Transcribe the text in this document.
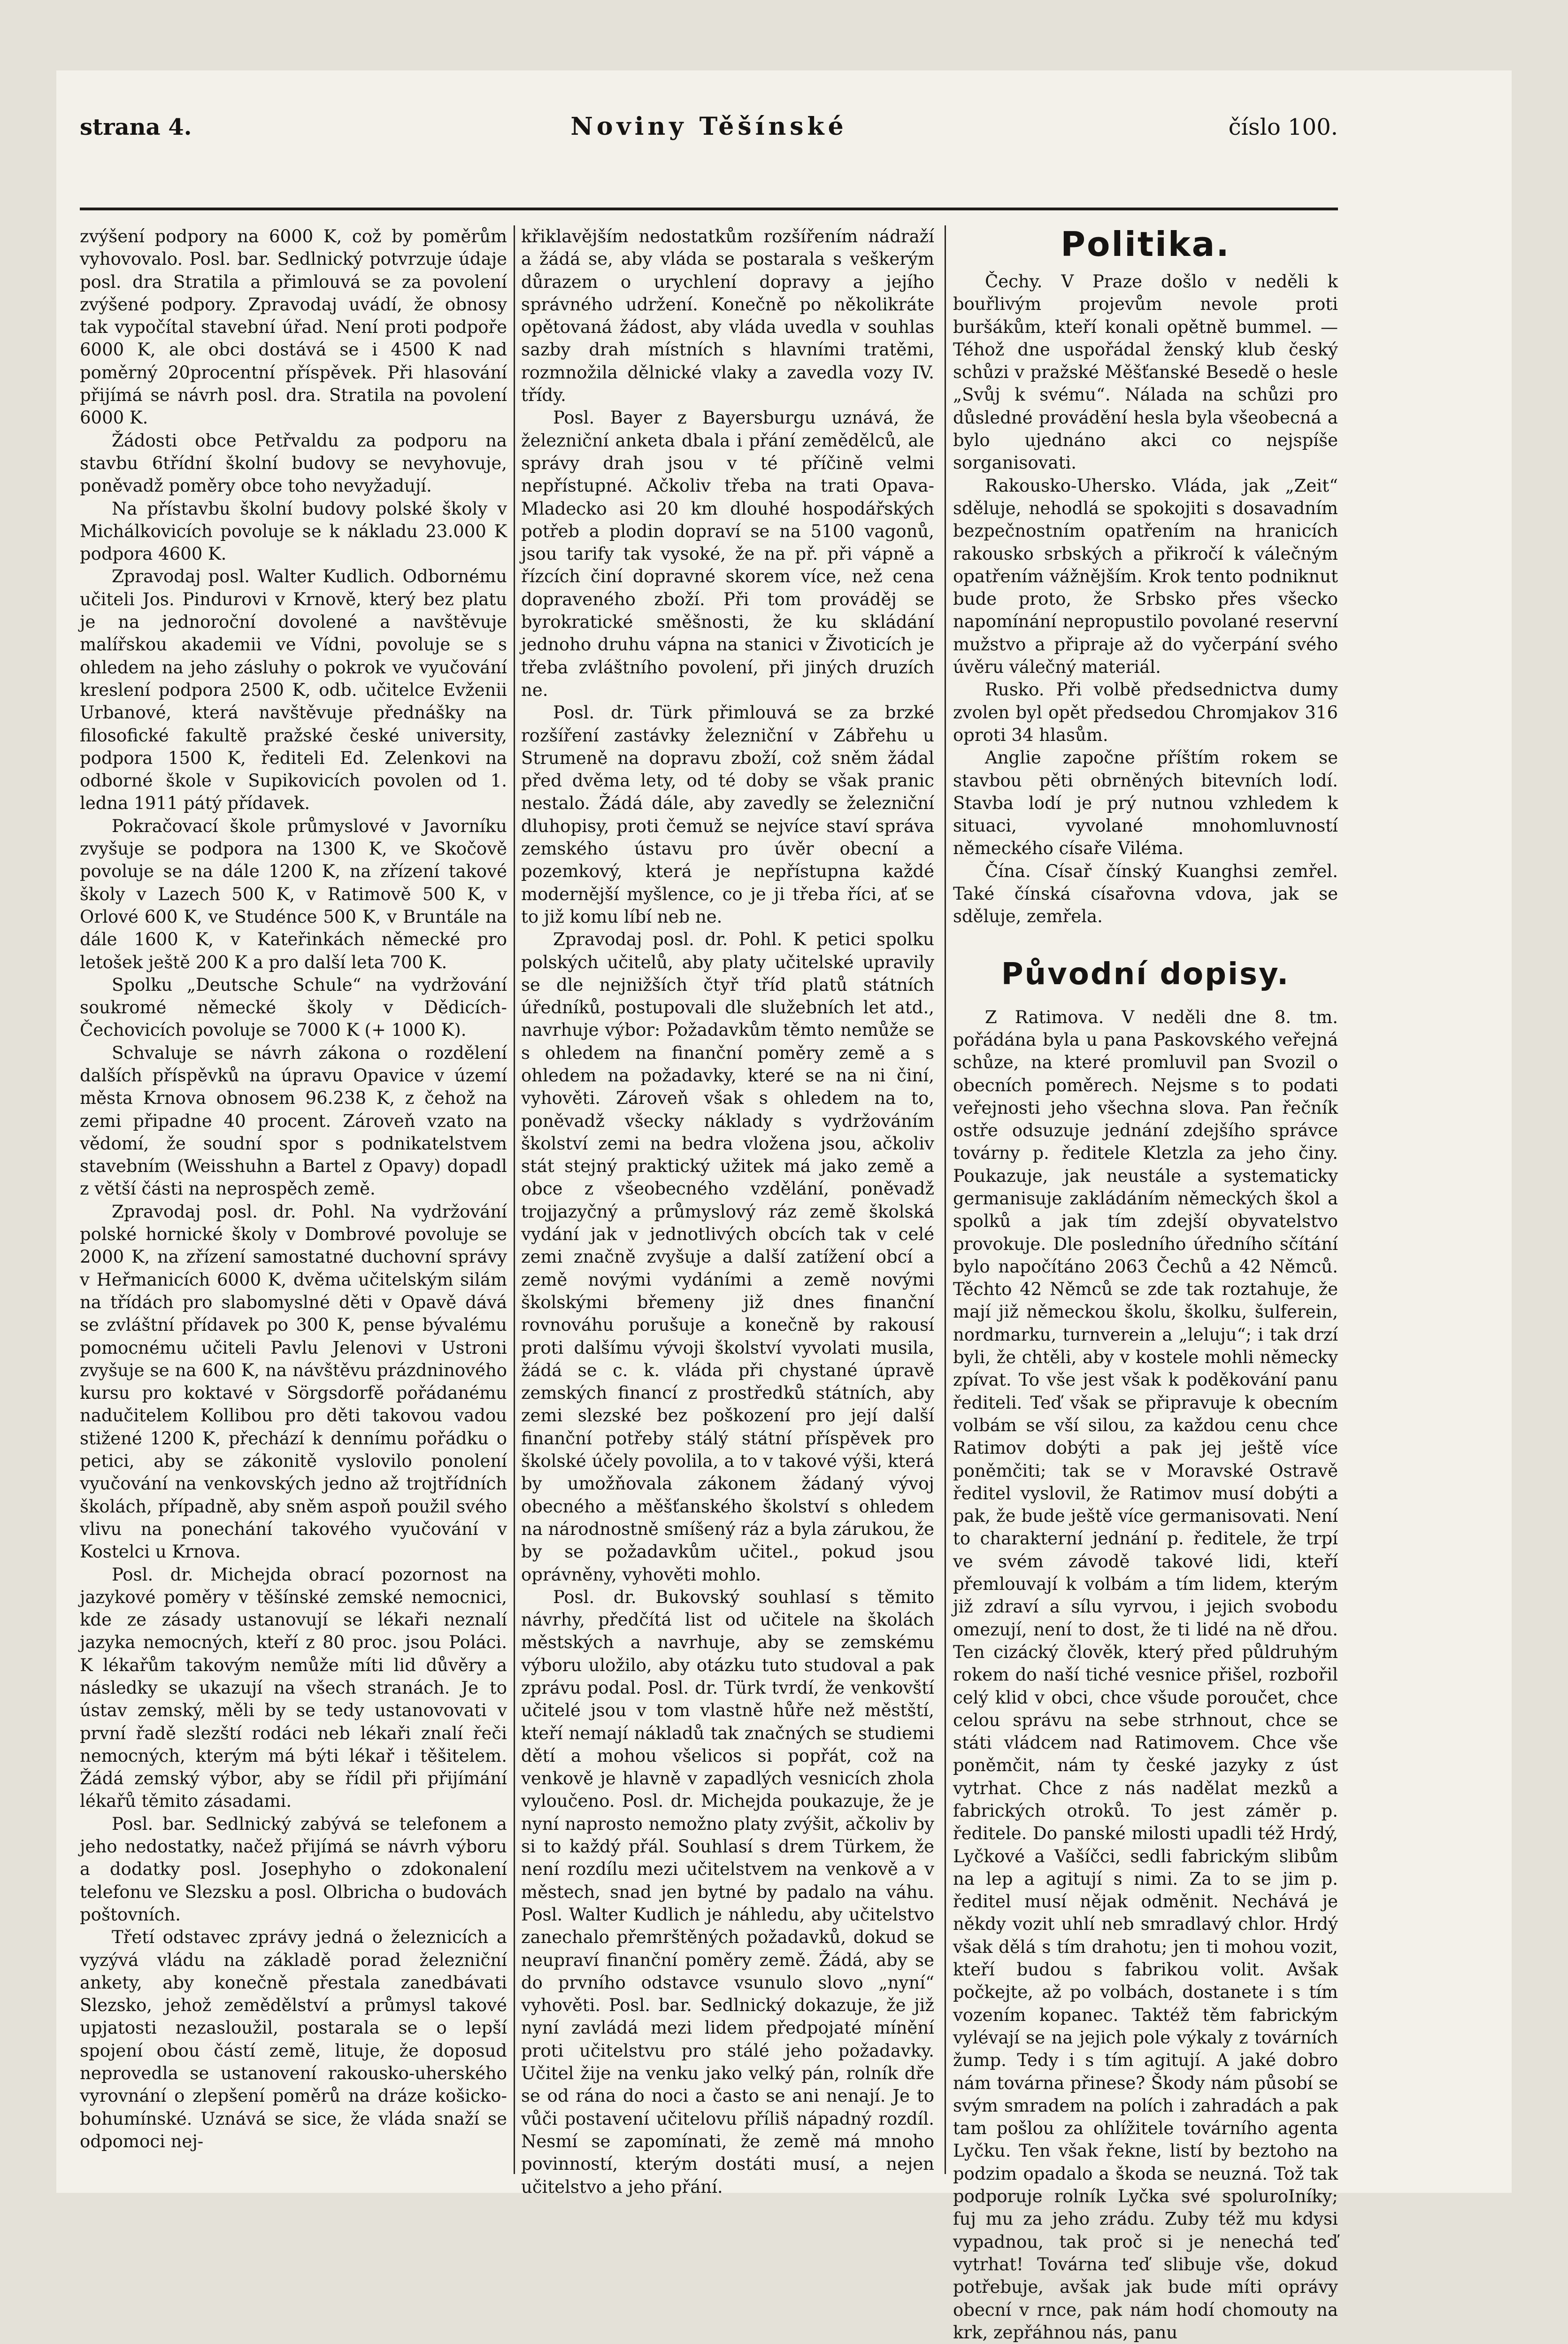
strana 4.	Noviny Těšínské	číslo 100.

zvýšení podpory na 6000 K, což by poměrům vyhovovalo. Posl. bar. Sedlnický potvrzuje údaje posl. dra Stratila a přimlouvá se za povolení zvýšené podpory. Zpravodaj uvádí, že obnosy tak vypočítal stavební úřad. Není proti podpoře 6000 K, ale obci dostává se i 4500 K nad poměrný 20procentní příspěvek. Při hlasování přijímá se návrh posl. dra. Stratila na povolení 6000 K.

Žádosti obce Petřvaldu za podporu na stavbu 6třídní školní budovy se nevyhovuje, poněvadž poměry obce toho nevyžadují.

Na přístavbu školní budovy polské školy v Michálkovicích povoluje se k nákladu 23.000 K podpora 4600 K.

Zpravodaj posl. Walter Kudlich. Odbornému učiteli Jos. Pindurovi v Krnově, který bez platu je na jednoroční dovolené a navštěvuje malířskou akademii ve Vídni, povoluje se s ohledem na jeho zásluhy o pokrok ve vyučování kreslení podpora 2500 K, odb. učitelce Evženii Urbanové, která navštěvuje přednášky na filosofické fakultě pražské české university, podpora 1500 K, řediteli Ed. Zelenkovi na odborné škole v Supikovicích povolen od 1. ledna 1911 pátý přídavek.

Pokračovací škole průmyslové v Javorníku zvyšuje se podpora na 1300 K, ve Skočově povoluje se na dále 1200 K, na zřízení takové školy v Lazech 500 K, v Ratimově 500 K, v Orlové 600 K, ve Studénce 500 K, v Bruntále na dále 1600 K, v Kateřinkách německé pro letošek ještě 200 K a pro další leta 700 K.

Spolku „Deutsche Schule“ na vydržování soukromé německé školy v Dědicích-Čechovicích povoluje se 7000 K (+ 1000 K).

Schvaluje se návrh zákona o rozdělení dalších příspěvků na úpravu Opavice v území města Krnova obnosem 96.238 K, z čehož na zemi připadne 40 procent. Zároveň vzato na vědomí, že soudní spor s podnikatelstvem stavebním (Weisshuhn a Bartel z Opavy) dopadl z větší části na neprospěch země.

Zpravodaj posl. dr. Pohl. Na vydržování polské hornické školy v Dombrové povoluje se 2000 K, na zřízení samostatné duchovní správy v Heřmanicích 6000 K, dvěma učitelským silám na třídách pro slabomyslné děti v Opavě dává se zvláštní přídavek po 300 K, pense bývalému pomocnému učiteli Pavlu Jelenovi v Ustroni zvyšuje se na 600 K, na návštěvu prázdninového kursu pro koktavé v Sörgsdorfě pořádanému nadučitelem Kollibou pro děti takovou vadou stižené 1200 K, přechází k dennímu pořádku o petici, aby se zákonitě vyslovilo ponolení vyučování na venkovských jedno až trojtřídních školách, případně, aby sněm aspoň použil svého vlivu na ponechání takového vyučování v Kostelci u Krnova.

Posl. dr. Michejda obrací pozornost na jazykové poměry v těšínské zemské nemocnici, kde ze zásady ustanovují se lékaři neznalí jazyka nemocných, kteří z 80 proc. jsou Poláci. K lékařům takovým nemůže míti lid důvěry a následky se ukazují na všech stranách. Je to ústav zemský, měli by se tedy ustanovovati v první řadě slezští rodáci neb lékaři znalí řeči nemocných, kterým má býti lékař i těšitelem. Žádá zemský výbor, aby se řídil při přijímání lékařů těmito zásadami.

Posl. bar. Sedlnický zabývá se telefonem a jeho nedostatky, načež přijímá se návrh výboru a dodatky posl. Josephyho o zdokonalení telefonu ve Slezsku a posl. Olbricha o budovách poštovních.

Třetí odstavec zprávy jedná o železnicích a vyzývá vládu na základě porad železniční ankety, aby konečně přestala zanedbávati Slezsko, jehož zemědělství a průmysl takové upjatosti nezasloužil, postarala se o lepší spojení obou částí země, lituje, že doposud neprovedla se ustanovení rakousko-uherského vyrovnání o zlepšení poměrů na dráze košicko-bohumínské. Uznává se sice, že vláda snaží se odpomoci nej-

křiklavějším nedostatkům rozšířením nádraží a žádá se, aby vláda se postarala s veškerým důrazem o urychlení dopravy a jejího správného udržení. Konečně po několikráte opětovaná žádost, aby vláda uvedla v souhlas sazby drah místních s hlavními tratěmi, rozmnožila dělnické vlaky a zavedla vozy IV. třídy.

Posl. Bayer z Bayersburgu uznává, že železniční anketa dbala i přání zemědělců, ale správy drah jsou v té příčině velmi nepřístupné. Ačkoliv třeba na trati Opava-Mladecko asi 20 km dlouhé hospodářských potřeb a plodin dopraví se na 5100 vagonů, jsou tarify tak vysoké, že na př. při vápně a řízcích činí dopravné skorem více, než cena dopraveného zboží. Při tom prováděj se byrokratické směšnosti, že ku skládání jednoho druhu vápna na stanici v Životicích je třeba zvláštního povolení, při jiných druzích ne.

Posl. dr. Türk přimlouvá se za brzké rozšíření zastávky železniční v Zábřehu u Strumeně na dopravu zboží, což sněm žádal před dvěma lety, od té doby se však pranic nestalo. Žádá dále, aby zavedly se železniční dluhopisy, proti čemuž se nejvíce staví správa zemského ústavu pro úvěr obecní a pozemkový, která je nepřístupna každé modernější myšlence, co je ji třeba říci, ať se to již komu líbí neb ne.

Zpravodaj posl. dr. Pohl. K petici spolku polských učitelů, aby platy učitelské upravily se dle nejnižších čtyř tříd platů státních úředníků, postupovali dle služebních let atd., navrhuje výbor: Požadavkům těmto nemůže se s ohledem na finanční poměry země a s ohledem na požadavky, které se na ni činí, vyhověti. Zároveň však s ohledem na to, poněvadž všecky náklady s vydržováním školství zemi na bedra vložena jsou, ačkoliv stát stejný praktický užitek má jako země a obce z všeobecného vzdělání, poněvadž trojjazyčný a průmyslový ráz země školská vydání jak v jednotlivých obcích tak v celé zemi značně zvyšuje a další zatížení obcí a země novými vydáními a země novými školskými břemeny již dnes finanční rovnováhu porušuje a konečně by rakousí proti dalšímu vývoji školství vyvolati musila, žádá se c. k. vláda při chystané úpravě zemských financí z prostředků státních, aby zemi slezské bez poškození pro její další finanční potřeby stálý státní příspěvek pro školské účely povolila, a to v takové výši, která by umožňovala zákonem žádaný vývoj obecného a měšťanského školství s ohledem na národnostně smíšený ráz a byla zárukou, že by se požadavkům učitel., pokud jsou oprávněny, vyhověti mohlo.

Posl. dr. Bukovský souhlasí s těmito návrhy, předčítá list od učitele na školách městských a navrhuje, aby se zemskému výboru uložilo, aby otázku tuto studoval a pak zprávu podal. Posl. dr. Türk tvrdí, že venkovští učitelé jsou v tom vlastně hůře než městští, kteří nemají nákladů tak značných se studiemi dětí a mohou všelicos si popřát, což na venkově je hlavně v zapadlých vesnicích zhola vyloučeno. Posl. dr. Michejda poukazuje, že je nyní naprosto nemožno platy zvýšit, ačkoliv by si to každý přál. Souhlasí s drem Türkem, že není rozdílu mezi učitelstvem na venkově a v městech, snad jen bytné by padalo na váhu. Posl. Walter Kudlich je náhledu, aby učitelstvo zanechalo přemrštěných požadavků, dokud se neupraví finanční poměry země. Žádá, aby se do prvního odstavce vsunulo slovo „nyní“ vyhověti. Posl. bar. Sedlnický dokazuje, že již nyní zavládá mezi lidem předpojaté mínění proti učitelstvu pro stálé jeho požadavky. Učitel žije na venku jako velký pán, rolník dře se od rána do noci a často se ani nenají. Je to vůči postavení učitelovu příliš nápadný rozdíl. Nesmí se zapomínati, že země má mnoho povinností, kterým dostáti musí, a nejen učitelstvo a jeho přání.

Politika.

Čechy. V Praze došlo v neděli k bouřlivým projevům nevole proti buršákům, kteří konali opětně bummel. — Téhož dne uspořádal ženský klub český schůzi v pražské Měšťanské Besedě o hesle „Svůj k svému“. Nálada na schůzi pro důsledné provádění hesla byla všeobecná a bylo ujednáno akci co nejspíše sorganisovati.

Rakousko-Uhersko. Vláda, jak „Zeit“ sděluje, nehodlá se spokojiti s dosavadním bezpečnostním opatřením na hranicích rakousko srbských a přikročí k válečným opatřením vážnějším. Krok tento podniknut bude proto, že Srbsko přes všecko napomínání nepropustilo povolané reservní mužstvo a připraje až do vyčerpání svého úvěru válečný materiál.

Rusko. Při volbě předsednictva dumy zvolen byl opět předsedou Chromjakov 316 oproti 34 hlasům.

Anglie započne příštím rokem se stavbou pěti obrněných bitevních lodí. Stavba lodí je prý nutnou vzhledem k situaci, vyvolané mnohomluvností německého císaře Viléma.

Čína. Císař čínský Kuanghsi zemřel. Také čínská císařovna vdova, jak se sděluje, zemřela.

Původní dopisy.

Z Ratimova. V neděli dne 8. tm. pořádána byla u pana Paskovského veřejná schůze, na které promluvil pan Svozil o obecních poměrech. Nejsme s to podati veřejnosti jeho všechna slova. Pan řečník ostře odsuzuje jednání zdejšího správce továrny p. ředitele Kletzla za jeho činy. Poukazuje, jak neustále a systematicky germanisuje zakládáním německých škol a spolků a jak tím zdejší obyvatelstvo provokuje. Dle posledního úředního sčítání bylo napočítáno 2063 Čechů a 42 Němců. Těchto 42 Němců se zde tak roztahuje, že mají již německou školu, školku, šulferein, nordmarku, turnverein a „leluju“; i tak drzí byli, že chtěli, aby v kostele mohli německy zpívat. To vše jest však k poděkování panu řediteli. Teď však se připravuje k obecním volbám se vší silou, za každou cenu chce Ratimov dobýti a pak jej ještě více poněmčiti; tak se v Moravské Ostravě ředitel vyslovil, že Ratimov musí dobýti a pak, že bude ještě více germanisovati. Není to charakterní jednání p. ředitele, že trpí ve svém závodě takové lidi, kteří přemlouvají k volbám a tím lidem, kterým již zdraví a sílu vyrvou, i jejich svobodu omezují, není to dost, že ti lidé na ně dřou. Ten cizácký člověk, který před půldruhým rokem do naší tiché vesnice přišel, rozbořil celý klid v obci, chce všude poroučet, chce celou správu na sebe strhnout, chce se státi vládcem nad Ratimovem. Chce vše poněmčit, nám ty české jazyky z úst vytrhat. Chce z nás nadělat mezků a fabrických otroků. To jest záměr p. ředitele. Do panské milosti upadli též Hrdý, Lyčkové a Vašíčci, sedli fabrickým slibům na lep a agitují s nimi. Za to se jim p. ředitel musí nějak odměnit. Nechává je někdy vozit uhlí neb smradlavý chlor. Hrdý však dělá s tím drahotu; jen ti mohou vozit, kteří budou s fabrikou volit. Avšak počkejte, až po volbách, dostanete i s tím vozením kopanec. Taktéž těm fabrickým vylévají se na jejich pole výkaly z továrních žump. Tedy i s tím agitují. A jaké dobro nám továrna přinese? Škody nám působí se svým smradem na polích i zahradách a pak tam pošlou za ohlížitele továrního agenta Lyčku. Ten však řekne, listí by beztoho na podzim opadalo a škoda se neuzná. Tož tak podporuje rolník Lyčka své spoluroIníky; fuj mu za jeho zrádu. Zuby též mu kdysi vypadnou, tak proč si je nenechá teď vytrhat! Továrna teď slibuje vše, dokud potřebuje, avšak jak bude míti oprávy obecní v rnce, pak nám hodí chomouty na krk, zepřáhnou nás, panu
